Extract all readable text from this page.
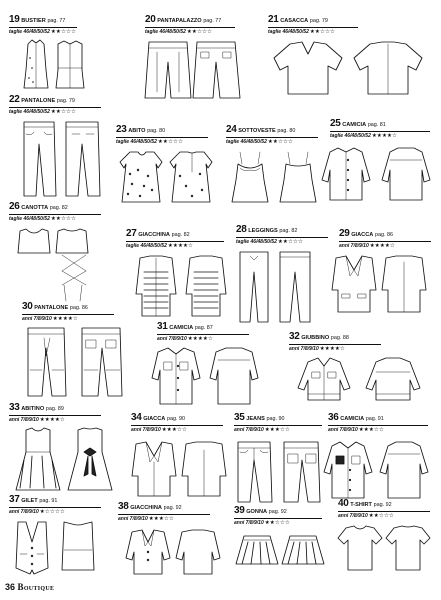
19 BUSTIER pag. 77
taglie 46/48/50/52★★☆☆☆
20 PANTAPALAZZO pag. 77
taglie 46/48/50/52★★☆☆☆
21 CASACCA pag. 79
taglie 46/48/50/52★★☆☆☆
22 PANTALONE pag. 79
taglie 46/48/50/52★★☆☆☆
23 ABITO pag. 80
taglie 46/48/50/52★★☆☆☆
24 SOTTOVESTE pag. 80
taglie 46/48/50/52★★☆☆☆
25 CAMICIA pag. 81
taglie 46/48/50/52★★★★☆
26 CANOTTA pag. 82
taglie 46/48/50/52★★☆☆☆
27 GIACCHINA pag. 82
taglie 46/48/50/52★★★★☆
28 LEGGINGS pag. 82
taglie 46/48/50/52★★☆☆☆
29 GIACCA pag. 86
anni 7/8/9/10★★★★☆
30 PANTALONE pag. 86
anni 7/8/9/10★★★★☆
31 CAMICIA pag. 87
anni 7/8/9/10★★★★☆	32 GIUBBINO pag. 88
anni 7/8/9/10★★★★☆
33 ABITINO pag. 89
anni 7/8/9/10★★★★☆	34 GIACCA pag. 90
anni 7/8/9/10★★★☆☆
35 JEANS pag. 90
anni 7/8/9/10★★★☆☆
36 CAMICIA pag. 91
anni 7/8/9/10★★★☆☆
37 GILET pag. 91
anni 7/8/9/10★☆☆☆☆	38 GIACCHINA pag. 92
anni 7/8/9/10★★★☆☆
39 GONNA pag. 92
anni 7/8/9/10★★☆☆☆
40 T-SHIRT pag. 92
anni 7/8/9/10★★☆☆☆
36 Boutique
